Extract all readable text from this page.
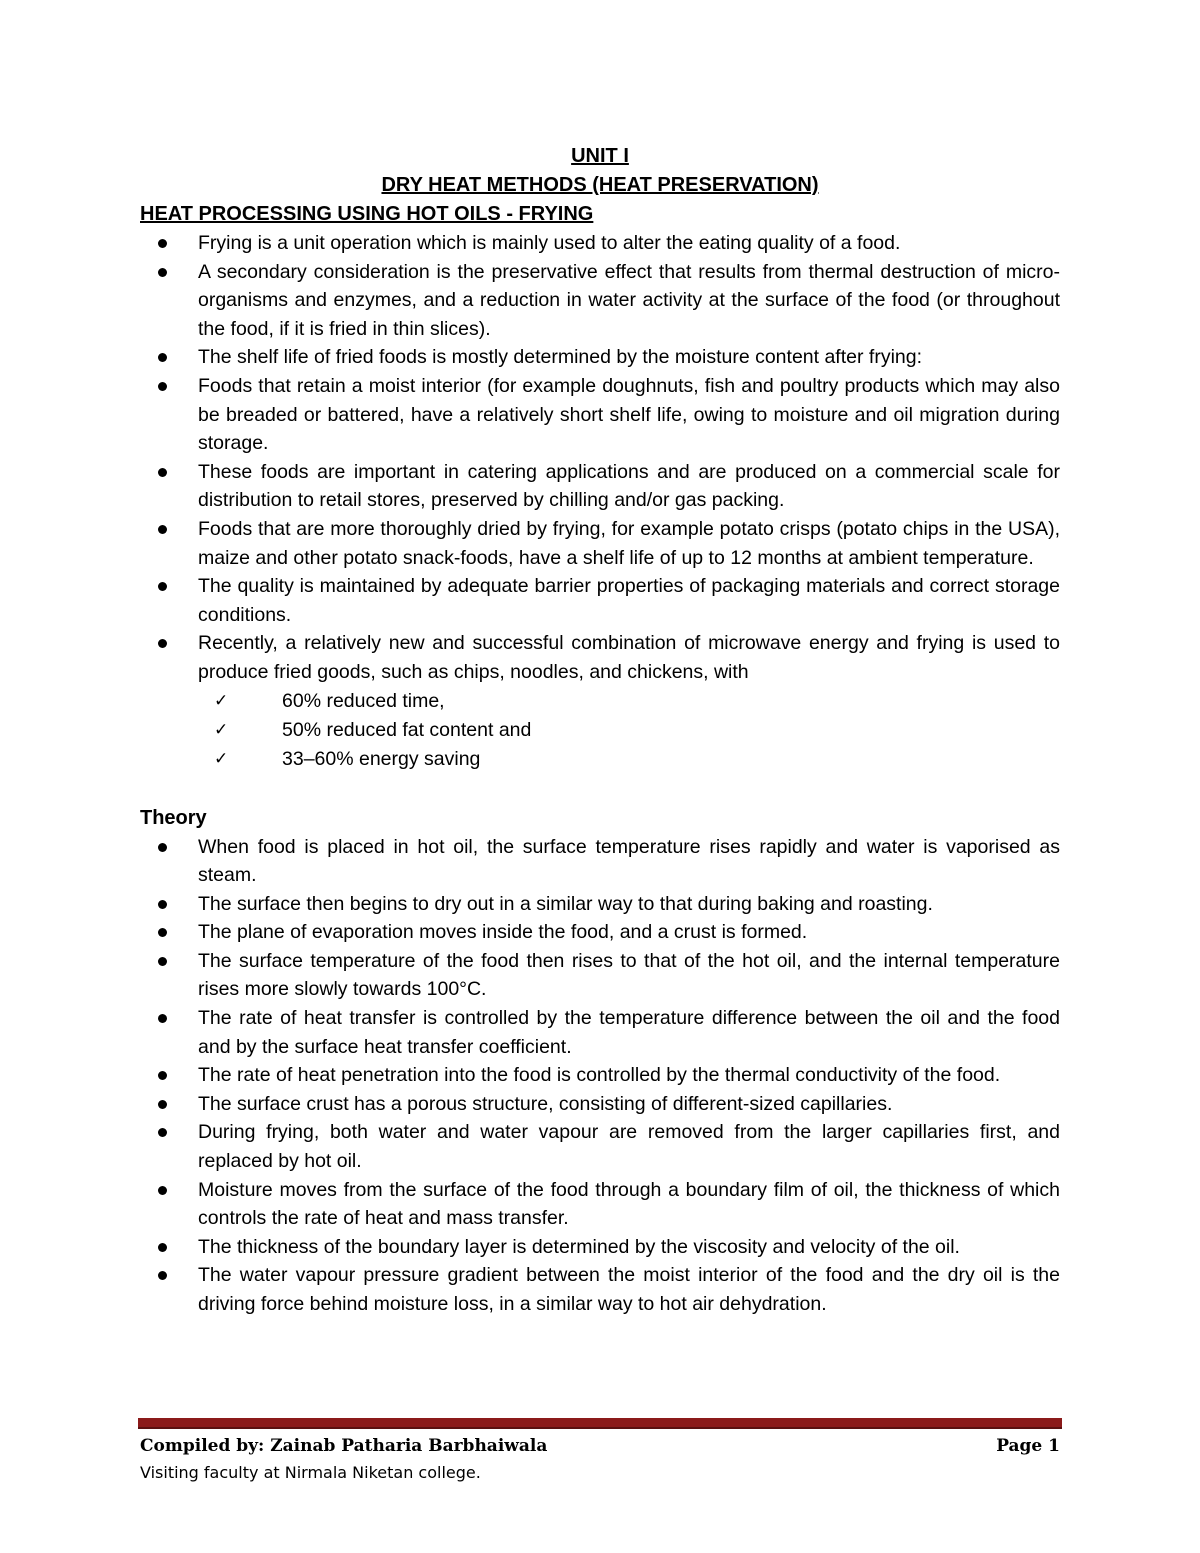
UNIT I
DRY HEAT METHODS (HEAT PRESERVATION)
HEAT PROCESSING USING HOT OILS - FRYING
Frying is a unit operation which is mainly used to alter the eating quality of a food.
A secondary consideration is the preservative effect that results from thermal destruction of micro-organisms and enzymes, and a reduction in water activity at the surface of the food (or throughout the food, if it is fried in thin slices).
The shelf life of fried foods is mostly determined by the moisture content after frying:
Foods that retain a moist interior (for example doughnuts, fish and poultry products which may also be breaded or battered, have a relatively short shelf life, owing to moisture and oil migration during storage.
These foods are important in catering applications and are produced on a commercial scale for distribution to retail stores, preserved by chilling and/or gas packing.
Foods that are more thoroughly dried by frying, for example potato crisps (potato chips in the USA), maize and other potato snack-foods, have a shelf life of up to 12 months at ambient temperature.
The quality is maintained by adequate barrier properties of packaging materials and correct storage conditions.
Recently, a relatively new and successful combination of microwave energy and frying is used to produce fried goods, such as chips, noodles, and chickens, with
✓	60% reduced time,
✓	50% reduced fat content and
✓	33–60% energy saving
Theory
When food is placed in hot oil, the surface temperature rises rapidly and water is vaporised as steam.
The surface then begins to dry out in a similar way to that during baking and roasting.
The plane of evaporation moves inside the food, and a crust is formed.
The surface temperature of the food then rises to that of the hot oil, and the internal temperature rises more slowly towards 100°C.
The rate of heat transfer is controlled by the temperature difference between the oil and the food and by the surface heat transfer coefficient.
The rate of heat penetration into the food is controlled by the thermal conductivity of the food.
The surface crust has a porous structure, consisting of different-sized capillaries.
During frying, both water and water vapour are removed from the larger capillaries first, and replaced by hot oil.
Moisture moves from the surface of the food through a boundary film of oil, the thickness of which controls the rate of heat and mass transfer.
The thickness of the boundary layer is determined by the viscosity and velocity of the oil.
The water vapour pressure gradient between the moist interior of the food and the dry oil is the driving force behind moisture loss, in a similar way to hot air dehydration.
Compiled by: Zainab Patharia Barbhaiwala	Page 1
Visiting faculty at Nirmala Niketan college.
